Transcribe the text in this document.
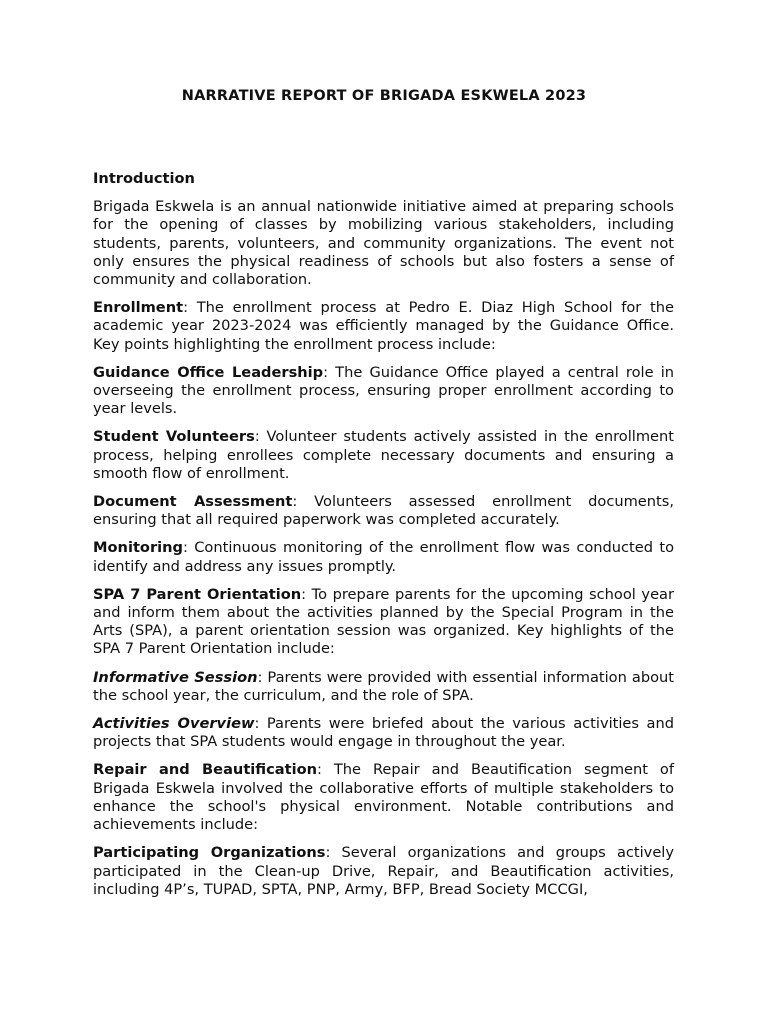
NARRATIVE REPORT OF BRIGADA ESKWELA 2023
Introduction

Brigada Eskwela is an annual nationwide initiative aimed at preparing schools for the opening of classes by mobilizing various stakeholders, including students, parents, volunteers, and community organizations. The event not only ensures the physical readiness of schools but also fosters a sense of community and collaboration.

Enrollment: The enrollment process at Pedro E. Diaz High School for the academic year 2023-2024 was efficiently managed by the Guidance Office. Key points highlighting the enrollment process include:

Guidance Office Leadership: The Guidance Office played a central role in overseeing the enrollment process, ensuring proper enrollment according to year levels.

Student Volunteers: Volunteer students actively assisted in the enrollment process, helping enrollees complete necessary documents and ensuring a smooth flow of enrollment.

Document Assessment: Volunteers assessed enrollment documents, ensuring that all required paperwork was completed accurately.

Monitoring: Continuous monitoring of the enrollment flow was conducted to identify and address any issues promptly.

SPA 7 Parent Orientation: To prepare parents for the upcoming school year and inform them about the activities planned by the Special Program in the Arts (SPA), a parent orientation session was organized. Key highlights of the SPA 7 Parent Orientation include:

Informative Session: Parents were provided with essential information about the school year, the curriculum, and the role of SPA.

Activities Overview: Parents were briefed about the various activities and projects that SPA students would engage in throughout the year.

Repair and Beautification: The Repair and Beautification segment of Brigada Eskwela involved the collaborative efforts of multiple stakeholders to enhance the school's physical environment. Notable contributions and achievements include:

Participating Organizations: Several organizations and groups actively participated in the Clean-up Drive, Repair, and Beautification activities, including 4P’s, TUPAD, SPTA, PNP, Army, BFP, Bread Society MCCGI,
